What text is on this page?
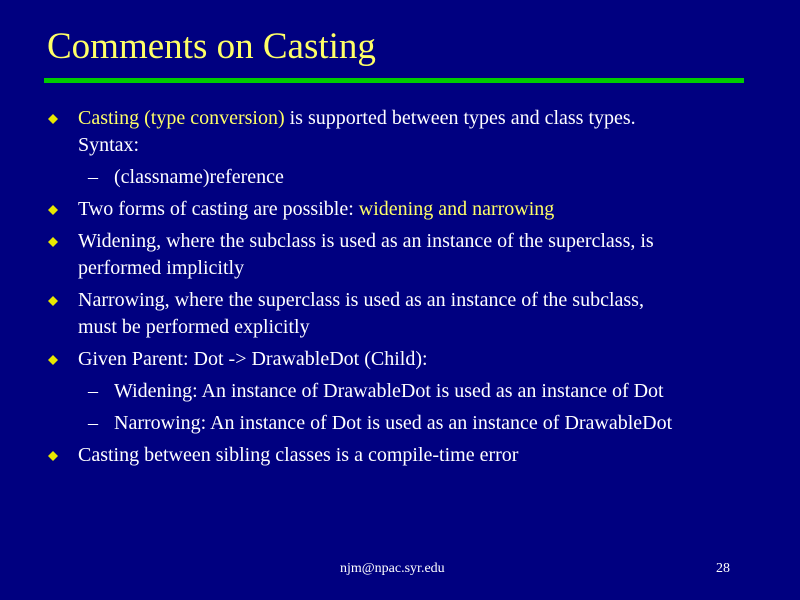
Comments on Casting
Casting (type conversion) is supported between types and class types.
Syntax:
– (classname)reference
Two forms of casting are possible: widening and narrowing
Widening, where the subclass is used as an instance of the superclass, is
performed implicitly
Narrowing, where the superclass is used as an instance of the subclass,
must be performed explicitly
Given Parent: Dot -> DrawableDot (Child):
– Widening: An instance of DrawableDot is used as an instance of Dot
– Narrowing: An instance of Dot is used as an instance of DrawableDot
Casting between sibling classes is a compile-time error
njm@npac.syr.edu	28
